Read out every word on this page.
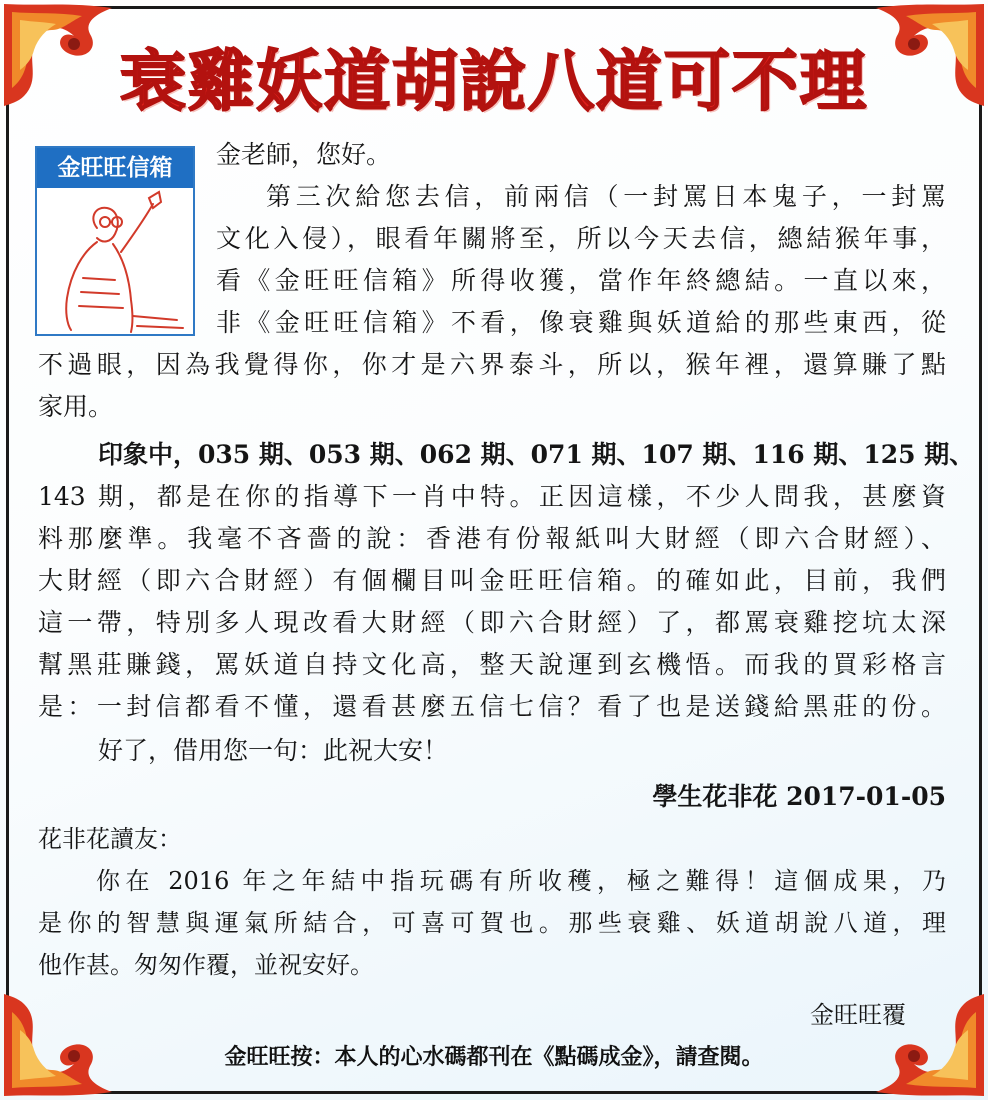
衰雞妖道胡說八道可不理
金旺旺信箱	金老師，您好。
第三次給您去信，前兩信（一封罵日本鬼子，一封罵
文化入侵），眼看年關將至，所以今天去信，總結猴年事，
看《金旺旺信箱》所得收獲，當作年終總結。一直以來，
非《金旺旺信箱》不看，像衰雞與妖道給的那些東西，從
不過眼，因為我覺得你，你才是六界泰斗，所以，猴年裡，還算賺了點
家用。
印象中，035 期、053 期、062 期、071 期、107 期、116 期、125 期、
143 期，都是在你的指導下一肖中特。正因這樣，不少人問我，甚麼資
料那麼準。我毫不吝嗇的說：香港有份報紙叫大財經（即六合財經）、
大財經（即六合財經）有個欄目叫金旺旺信箱。的確如此，目前，我們
這一帶，特別多人現改看大財經（即六合財經）了，都罵衰雞挖坑太深
幫黑莊賺錢，罵妖道自持文化高，整天說運到玄機悟。而我的買彩格言
是：一封信都看不懂，還看甚麼五信七信？看了也是送錢給黑莊的份。
好了，借用您一句：此祝大安！
學生花非花 2017-01-05
花非花讀友：
你在 2016 年之年結中指玩碼有所收穫，極之難得！這個成果，乃
是你的智慧與運氣所結合，可喜可賀也。那些衰雞、妖道胡說八道，理
他作甚。匆匆作覆，並祝安好。
金旺旺覆
金旺旺按：本人的心水碼都刊在《點碼成金》，請查閱。
